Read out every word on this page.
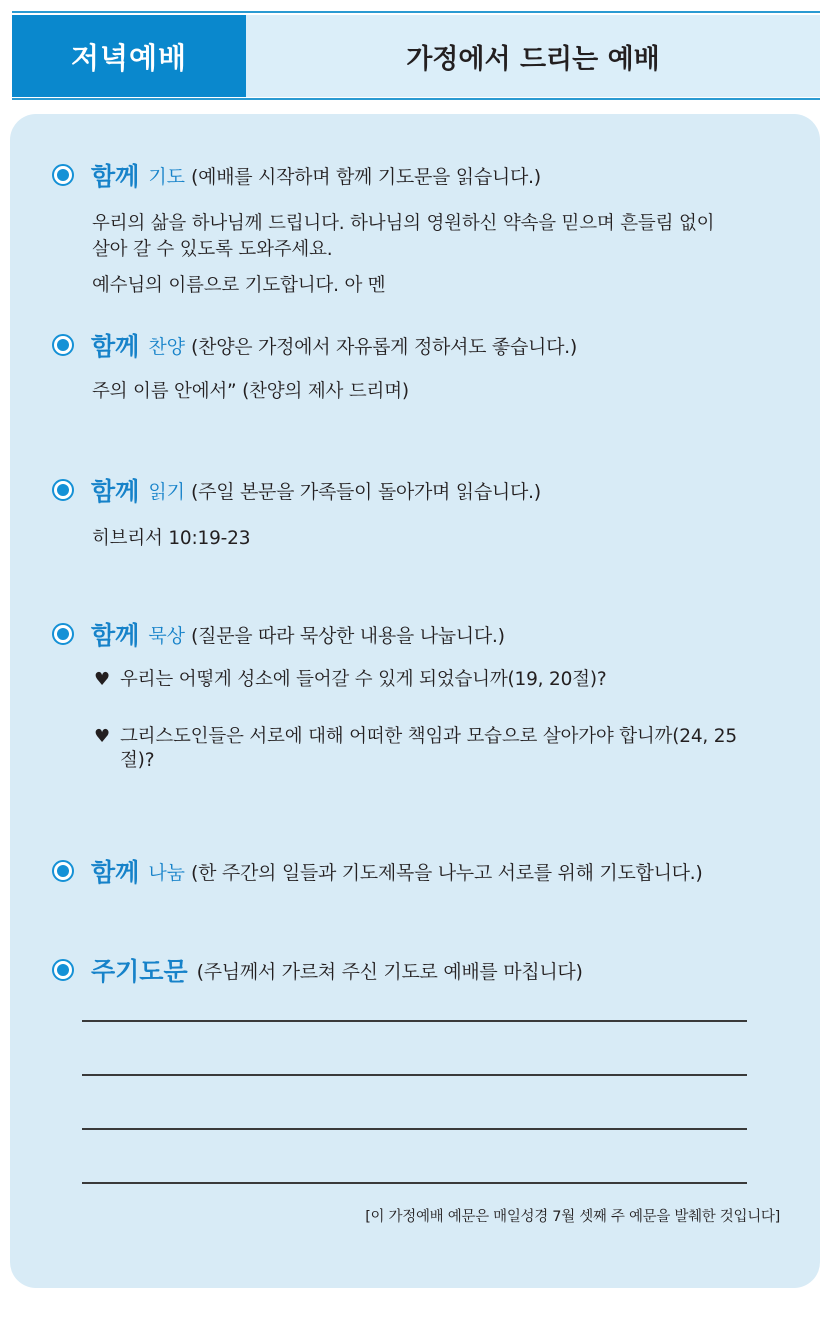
저녁예배	가정에서 드리는 예배
함께 기도 (예배를 시작하며 함께 기도문을 읽습니다.)
우리의 삶을 하나님께 드립니다. 하나님의 영원하신 약속을 믿으며 흔들림 없이
살아 갈 수 있도록 도와주세요.
예수님의 이름으로 기도합니다. 아 멘
함께 찬양 (찬양은 가정에서 자유롭게 정하셔도 좋습니다.)
주의 이름 안에서” (찬양의 제사 드리며)
함께 읽기 (주일 본문을 가족들이 돌아가며 읽습니다.)
히브리서 10:19-23
함께 묵상 (질문을 따라 묵상한 내용을 나눕니다.)
♥ 우리는 어떻게 성소에 들어갈 수 있게 되었습니까(19, 20절)?
♥ 그리스도인들은 서로에 대해 어떠한 책임과 모습으로 살아가야 합니까(24, 25
절)?
함께 나눔 (한 주간의 일들과 기도제목을 나누고 서로를 위해 기도합니다.)
주기도문 (주님께서 가르쳐 주신 기도로 예배를 마칩니다)
[이 가정예배 예문은 매일성경 7월 셋째 주 예문을 발췌한 것입니다]
